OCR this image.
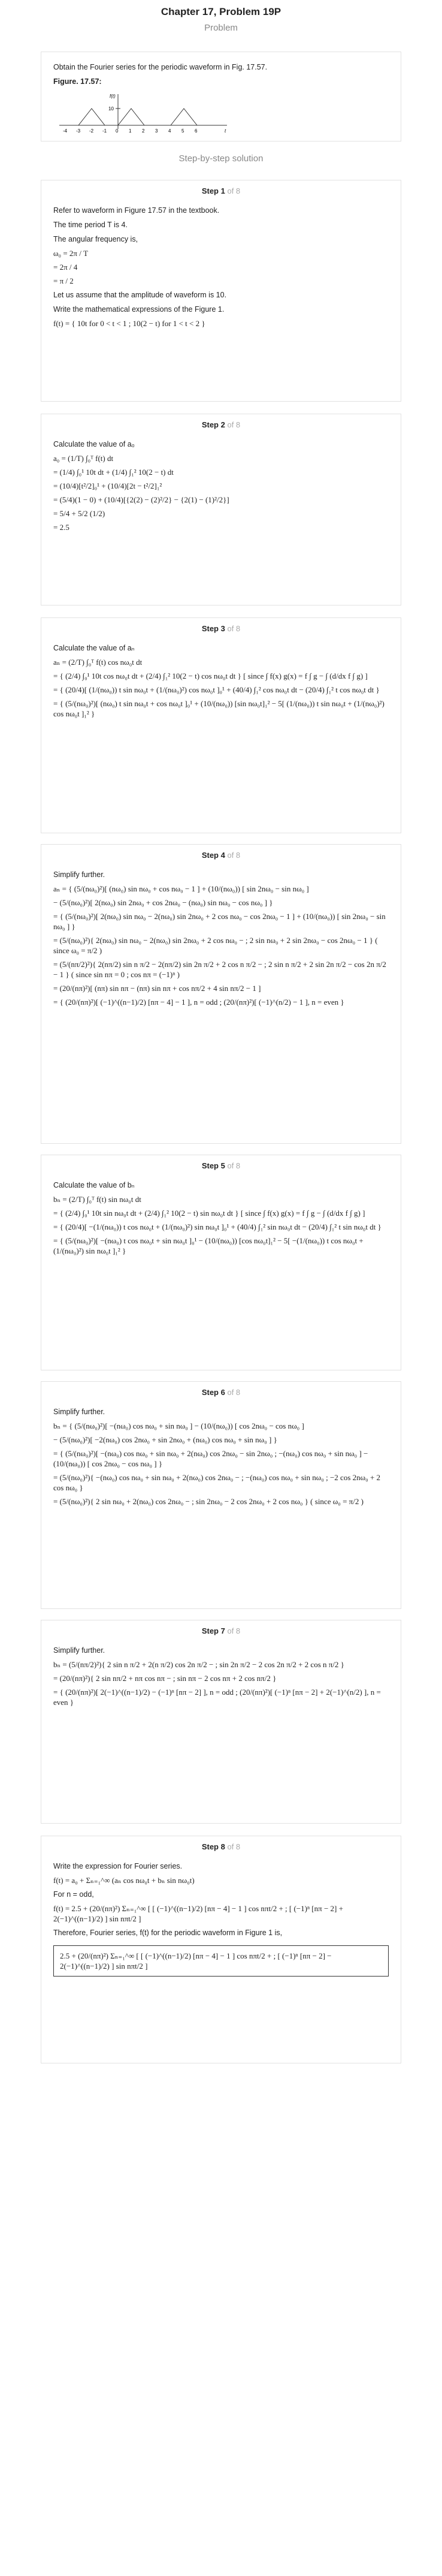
Chapter 17, Problem 19P
Problem
Obtain the Fourier series for the periodic waveform in Fig. 17.57.
Figure. 17.57:
10
f(t)
t
-4 -3 -2 -1 0 1 2 3 4 5 6
Step-by-step solution
Step 1 of 8
Refer to waveform in Figure 17.57 in the textbook.
The time period T is 4.
The angular frequency is,
ω₀ = 2π / T
= 2π / 4
= π / 2
Let us assume that the amplitude of waveform is 10.
Write the mathematical expressions of the Figure 1.
f(t) = { 10t for 0 < t < 1 ; 10(2 − t) for 1 < t < 2 }
Step 2 of 8
Calculate the value of a₀
a₀ = (1/T) ∫₀ᵀ f(t) dt
= (1/4) ∫₀¹ 10t dt + (1/4) ∫₁² 10(2 − t) dt
= (10/4)[t²/2]₀¹ + (10/4)[2t − t²/2]₁²
= (5/4)(1 − 0) + (10/4)[{2(2) − (2)²/2} − {2(1) − (1)²/2}]
= 5/4 + 5/2 (1/2)
= 2.5
Step 3 of 8
Calculate the value of aₙ
aₙ = (2/T) ∫₀ᵀ f(t) cos nω₀t dt
= { (2/4) ∫₀¹ 10t cos nω₀t dt + (2/4) ∫₁² 10(2 − t) cos nω₀t dt } [ since ∫ f(x) g(x) = f ∫ g − ∫ (d/dx f ∫ g) ]
= { (20/4)[ (1/(nω₀)) t sin nω₀t + (1/(nω₀)²) cos nω₀t ]₀¹ + (40/4) ∫₁² cos nω₀t dt − (20/4) ∫₁² t cos nω₀t dt }
= { (5/(nω₀)²)[ (nω₀) t sin nω₀t + cos nω₀t ]₀¹ + (10/(nω₀)) [sin nω₀t]₁² − 5[ (1/(nω₀)) t sin nω₀t + (1/(nω₀)²) cos nω₀t ]₁² }
Step 4 of 8
Simplify further.
aₙ = { (5/(nω₀)²)[ (nω₀) sin nω₀ + cos nω₀ − 1 ] + (10/(nω₀)) [ sin 2nω₀ − sin nω₀ ]
− (5/(nω₀)²)[ 2(nω₀) sin 2nω₀ + cos 2nω₀ − (nω₀) sin nω₀ − cos nω₀ ] }
= { (5/(nω₀)²)[ 2(nω₀) sin nω₀ − 2(nω₀) sin 2nω₀ + 2 cos nω₀ − cos 2nω₀ − 1 ] + (10/(nω₀)) [ sin 2nω₀ − sin nω₀ ] }
= (5/(nω₀)²){ 2(nω₀) sin nω₀ − 2(nω₀) sin 2nω₀ + 2 cos nω₀ − ; 2 sin nω₀ + 2 sin 2nω₀ − cos 2nω₀ − 1 } ( since ω₀ = π/2 )
= (5/(nπ/2)²){ 2(nπ/2) sin n π/2 − 2(nπ/2) sin 2n π/2 + 2 cos n π/2 − ; 2 sin n π/2 + 2 sin 2n π/2 − cos 2n π/2 − 1 } ( since sin nπ = 0 ; cos nπ = (−1)ⁿ )
= (20/(nπ)²)[ (nπ) sin nπ − (nπ) sin nπ + cos nπ/2 + 4 sin nπ/2 − 1 ]
= { (20/(nπ)²)[ (−1)^((n−1)/2) [nπ − 4] − 1 ], n = odd ; (20/(nπ)²)[ (−1)^(n/2) − 1 ], n = even }
Step 5 of 8
Calculate the value of bₙ
bₙ = (2/T) ∫₀ᵀ f(t) sin nω₀t dt
= { (2/4) ∫₀¹ 10t sin nω₀t dt + (2/4) ∫₁² 10(2 − t) sin nω₀t dt } [ since ∫ f(x) g(x) = f ∫ g − ∫ (d/dx f ∫ g) ]
= { (20/4)[ −(1/(nω₀)) t cos nω₀t + (1/(nω₀)²) sin nω₀t ]₀¹ + (40/4) ∫₁² sin nω₀t dt − (20/4) ∫₁² t sin nω₀t dt }
= { (5/(nω₀)²)[ −(nω₀) t cos nω₀t + sin nω₀t ]₀¹ − (10/(nω₀)) [cos nω₀t]₁² − 5[ −(1/(nω₀)) t cos nω₀t + (1/(nω₀)²) sin nω₀t ]₁² }
Step 6 of 8
Simplify further.
bₙ = { (5/(nω₀)²)[ −(nω₀) cos nω₀ + sin nω₀ ] − (10/(nω₀)) [ cos 2nω₀ − cos nω₀ ]
− (5/(nω₀)²)[ −2(nω₀) cos 2nω₀ + sin 2nω₀ + (nω₀) cos nω₀ + sin nω₀ ] }
= { (5/(nω₀)²)[ −(nω₀) cos nω₀ + sin nω₀ + 2(nω₀) cos 2nω₀ − sin 2nω₀ ; −(nω₀) cos nω₀ + sin nω₀ ] − (10/(nω₀)) [ cos 2nω₀ − cos nω₀ ] }
= (5/(nω₀)²){ −(nω₀) cos nω₀ + sin nω₀ + 2(nω₀) cos 2nω₀ − ; −(nω₀) cos nω₀ + sin nω₀ ; −2 cos 2nω₀ + 2 cos nω₀ }
= (5/(nω₀)²){ 2 sin nω₀ + 2(nω₀) cos 2nω₀ − ; sin 2nω₀ − 2 cos 2nω₀ + 2 cos nω₀ } ( since ω₀ = π/2 )
Step 7 of 8
Simplify further.
bₙ = (5/(nπ/2)²){ 2 sin n π/2 + 2(n π/2) cos 2n π/2 − ; sin 2n π/2 − 2 cos 2n π/2 + 2 cos n π/2 }
= (20/(nπ)²){ 2 sin nπ/2 + nπ cos nπ − ; sin nπ − 2 cos nπ + 2 cos nπ/2 }
= { (20/(nπ)²)[ 2(−1)^((n−1)/2) − (−1)ⁿ [nπ − 2] ], n = odd ; (20/(nπ)²)[ (−1)ⁿ [nπ − 2] + 2(−1)^(n/2) ], n = even }
Step 8 of 8
Write the expression for Fourier series.
f(t) = a₀ + Σₙ₌₁^∞ (aₙ cos nω₀t + bₙ sin nω₀t)
For n = odd,
f(t) = 2.5 + (20/(nπ)²) Σₙ₌₁^∞ [ [ (−1)^((n−1)/2) [nπ − 4] − 1 ] cos nπt/2 + ; [ (−1)ⁿ [nπ − 2] + 2(−1)^((n−1)/2) ] sin nπt/2 ]
Therefore, Fourier series, f(t) for the periodic waveform in Figure 1 is,
2.5 + (20/(nπ)²) Σₙ₌₁^∞ [ [ (−1)^((n−1)/2) [nπ − 4] − 1 ] cos nπt/2 + ; [ (−1)ⁿ [nπ − 2] − 2(−1)^((n−1)/2) ] sin nπt/2 ]
